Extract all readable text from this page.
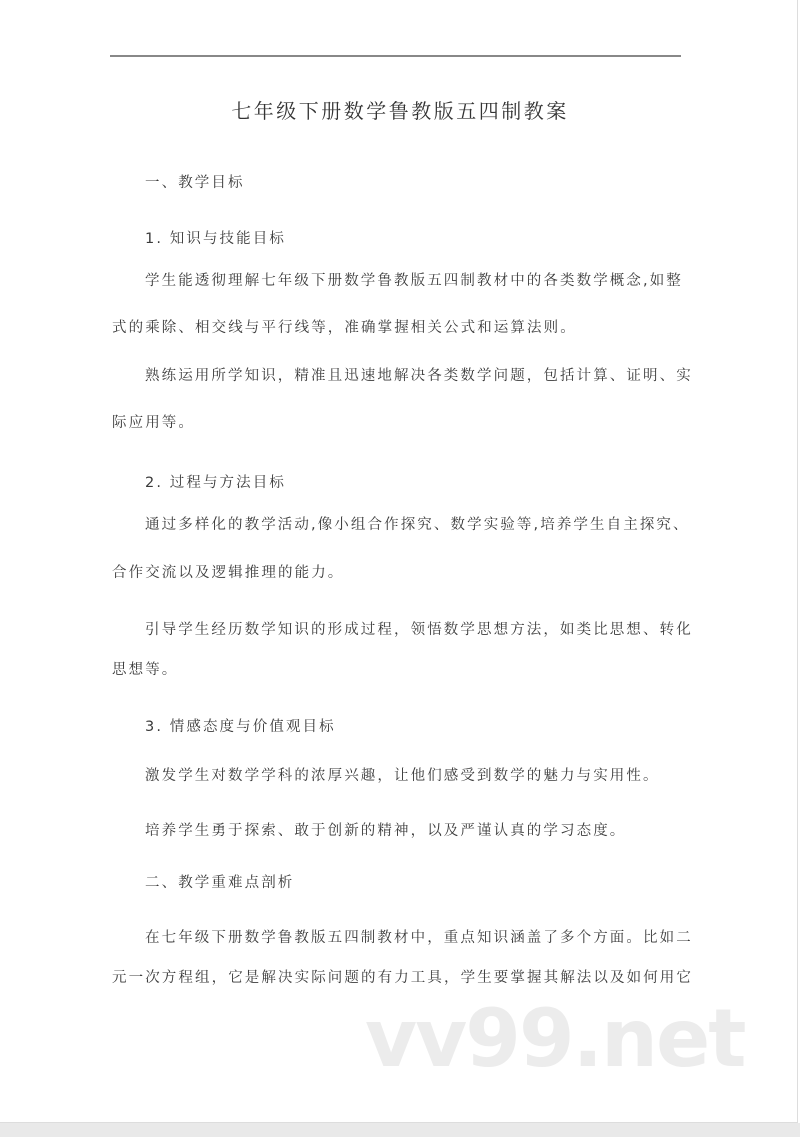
七年级下册数学鲁教版五四制教案
一、教学目标
1. 知识与技能目标
学生能透彻理解七年级下册数学鲁教版五四制教材中的各类数学概念,如整
式的乘除、相交线与平行线等，准确掌握相关公式和运算法则。
熟练运用所学知识，精准且迅速地解决各类数学问题，包括计算、证明、实
际应用等。
2. 过程与方法目标
通过多样化的教学活动,像小组合作探究、数学实验等,培养学生自主探究、
合作交流以及逻辑推理的能力。
引导学生经历数学知识的形成过程，领悟数学思想方法，如类比思想、转化
思想等。
3. 情感态度与价值观目标
激发学生对数学学科的浓厚兴趣，让他们感受到数学的魅力与实用性。
培养学生勇于探索、敢于创新的精神，以及严谨认真的学习态度。
二、教学重难点剖析
在七年级下册数学鲁教版五四制教材中，重点知识涵盖了多个方面。比如二
元一次方程组，它是解决实际问题的有力工具，学生要掌握其解法以及如何用它
vv99.net
